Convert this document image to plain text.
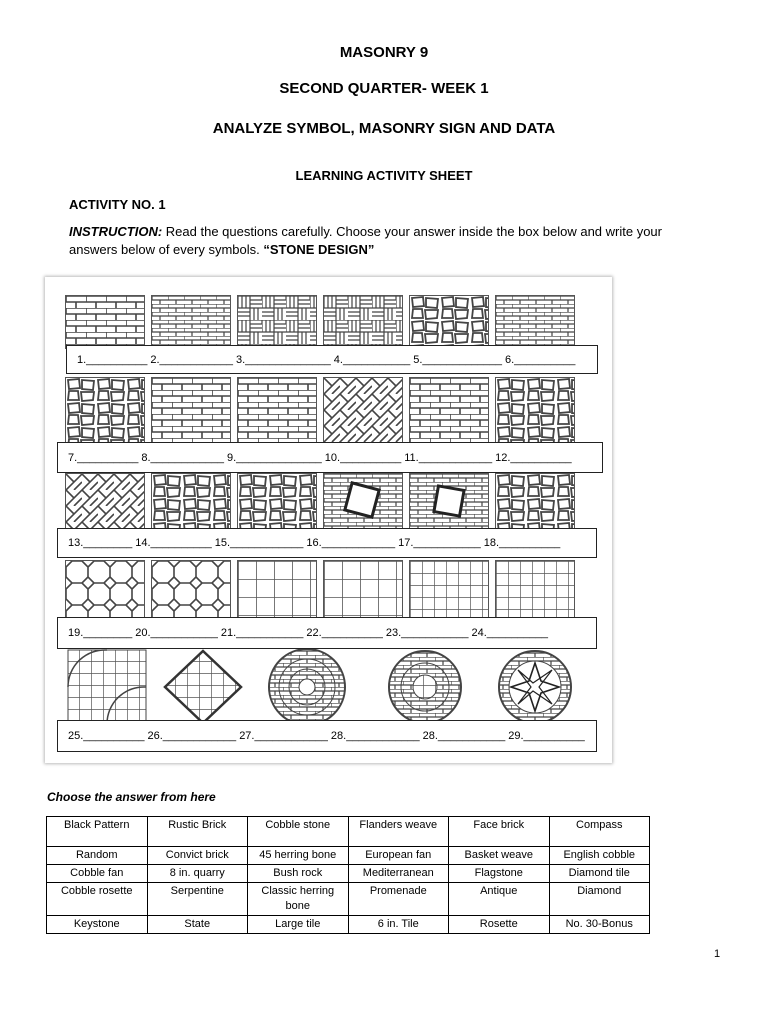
MASONRY 9
SECOND QUARTER- WEEK 1
ANALYZE SYMBOL, MASONRY SIGN AND DATA
LEARNING ACTIVITY SHEET
ACTIVITY NO. 1
INSTRUCTION: Read the questions carefully. Choose your answer inside the box below and write your answers below of every symbols. “STONE DESIGN”
1.__________ 2.____________ 3.______________ 4.___________ 5._____________ 6.__________
7.__________ 8.____________ 9.______________ 10.__________ 11.____________ 12.__________
13.________ 14.__________ 15.____________ 16.____________ 17.___________ 18.__________
19.________ 20.___________ 21.___________ 22.__________ 23.___________ 24.__________
25.__________ 26.____________ 27.____________ 28.____________ 28.___________ 29.__________
Choose the answer from here
Black Pattern	Rustic Brick	Cobble stone	Flanders weave	Face brick	Compass
Random	Convict brick	45 herring bone	European fan	Basket weave	English cobble
Cobble fan	8 in. quarry	Bush rock	Mediterranean	Flagstone	Diamond tile
Cobble rosette	Serpentine	Classic herring bone	Promenade	Antique	Diamond
Keystone	State	Large tile	6 in. Tile	Rosette	No. 30-Bonus
1
